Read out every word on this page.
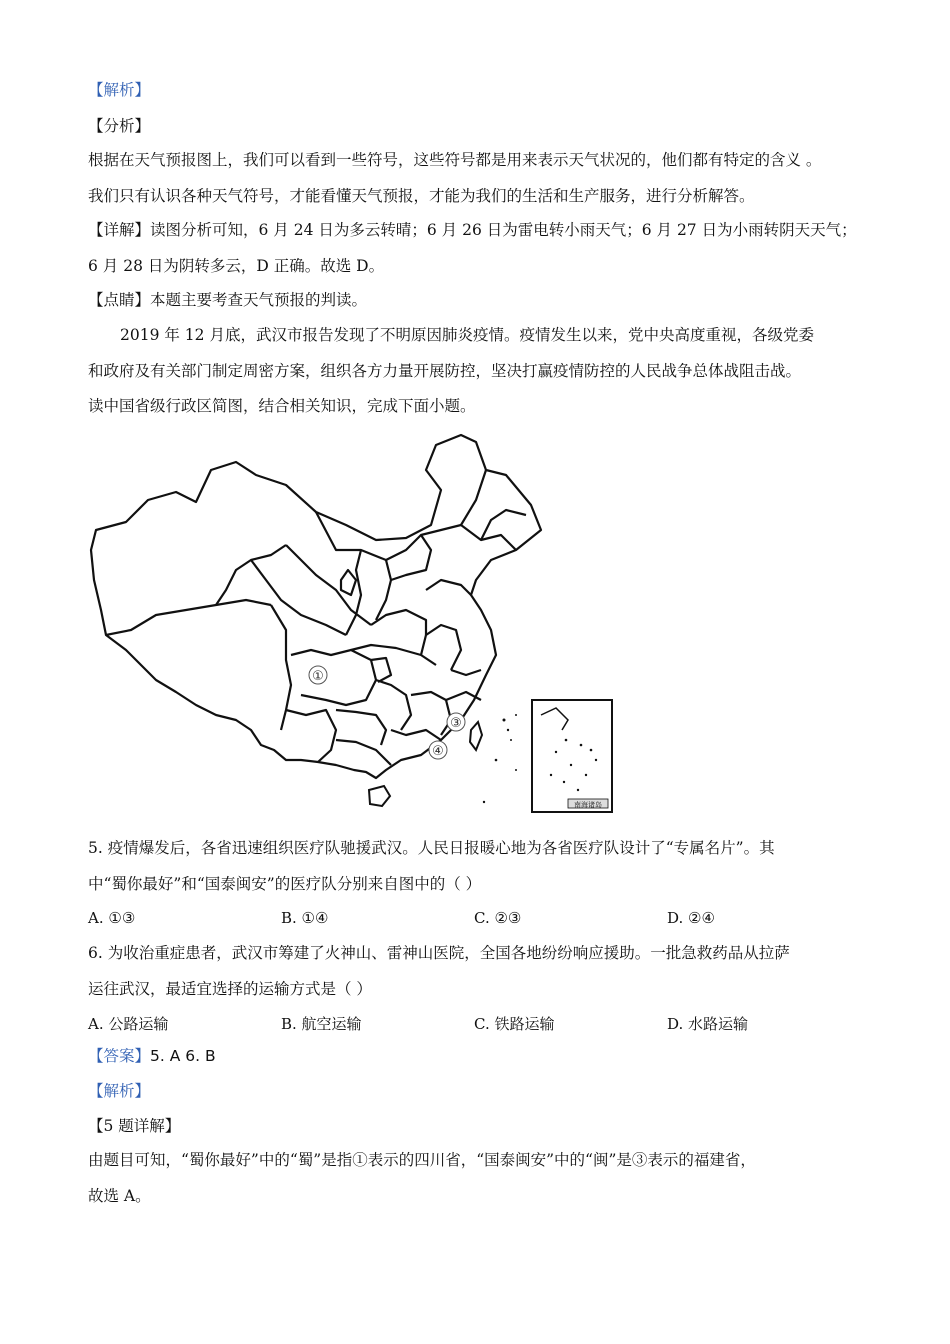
【解析】
【分析】
根据在天气预报图上，我们可以看到一些符号，这些符号都是用来表示天气状况的，他们都有特定的含义 。
我们只有认识各种天气符号，才能看懂天气预报，才能为我们的生活和生产服务，进行分析解答。
【详解】读图分析可知，6 月 24 日为多云转晴；6 月 26 日为雷电转小雨天气；6 月 27 日为小雨转阴天天气；
6 月 28 日为阴转多云，D 正确。故选 D。
【点睛】本题主要考查天气预报的判读。
2019 年 12 月底，武汉市报告发现了不明原因肺炎疫情。疫情发生以来，党中央高度重视，各级党委
和政府及有关部门制定周密方案，组织各方力量开展防控，坚决打赢疫情防控的人民战争总体战阻击战。
读中国省级行政区简图，结合相关知识，完成下面小题。
①
③
④
南海诸岛
5. 疫情爆发后，各省迅速组织医疗队驰援武汉。人民日报暖心地为各省医疗队设计了“专属名片”。其
中“蜀你最好”和“国泰闽安”的医疗队分别来自图中的（ ）
A. ①③	B. ①④	C. ②③	D. ②④
6. 为收治重症患者，武汉市筹建了火神山、雷神山医院，全国各地纷纷响应援助。一批急救药品从拉萨
运往武汉，最适宜选择的运输方式是（ ）
A. 公路运输	B. 航空运输	C. 铁路运输	D. 水路运输
【答案】5. A 6. B
【解析】
【5 题详解】
由题目可知，“蜀你最好”中的“蜀”是指①表示的四川省，“国泰闽安”中的“闽”是③表示的福建省，
故选 A。
